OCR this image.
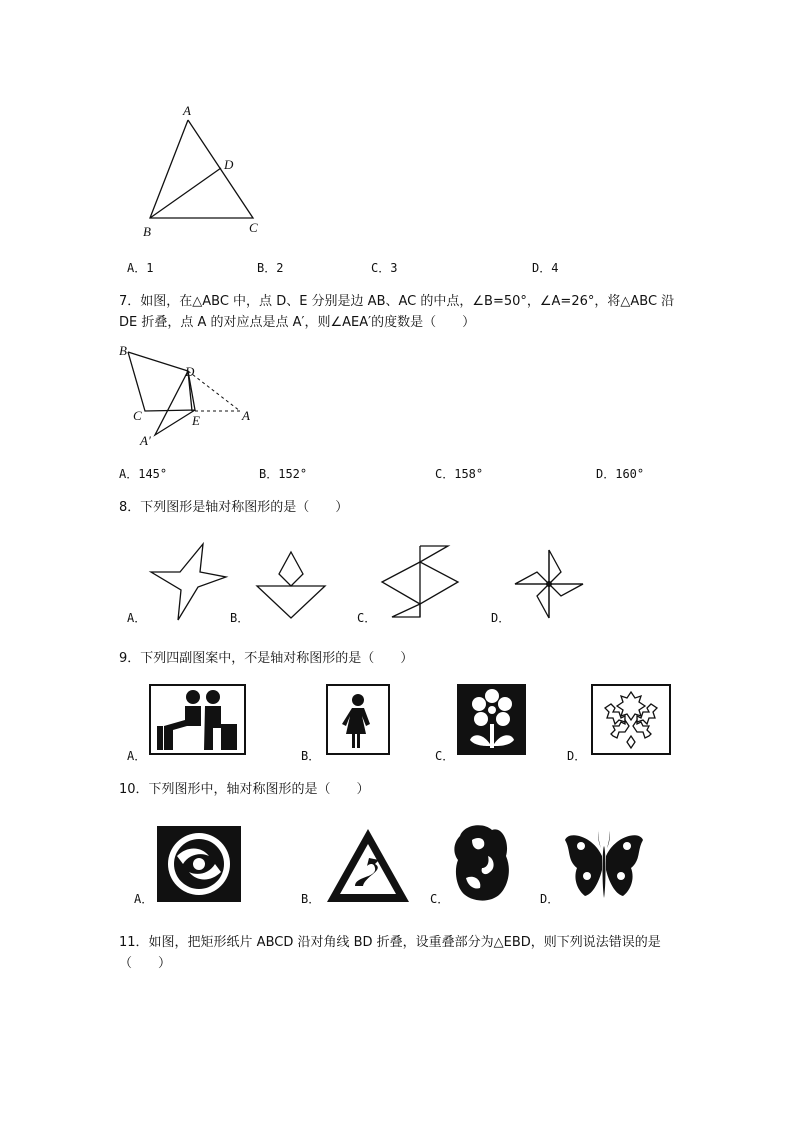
A
D
B	C
A．1	B．2	C．3	D．4
7．如图，在△ABC 中，点 D、E 分别是边 AB、AC 的中点，∠B=50°，∠A=26°，将△ABC 沿 DE 折叠，点 A 的对应点是点 A′，则∠AEA′的度数是（　　）
B
D
C	E	A
A′
A．145°	B．152°	C．158°	D．160°
8．下列图形是轴对称图形的是（　　）
A．	B．	C．	D．
9．下列四副图案中，不是轴对称图形的是（　　）
A．	B．	C．	D．
10．下列图形中，轴对称图形的是（　　）
A．	B．	C．	D．
11．如图，把矩形纸片 ABCD 沿对角线 BD 折叠，设重叠部分为△EBD，则下列说法错误的是（　　）
